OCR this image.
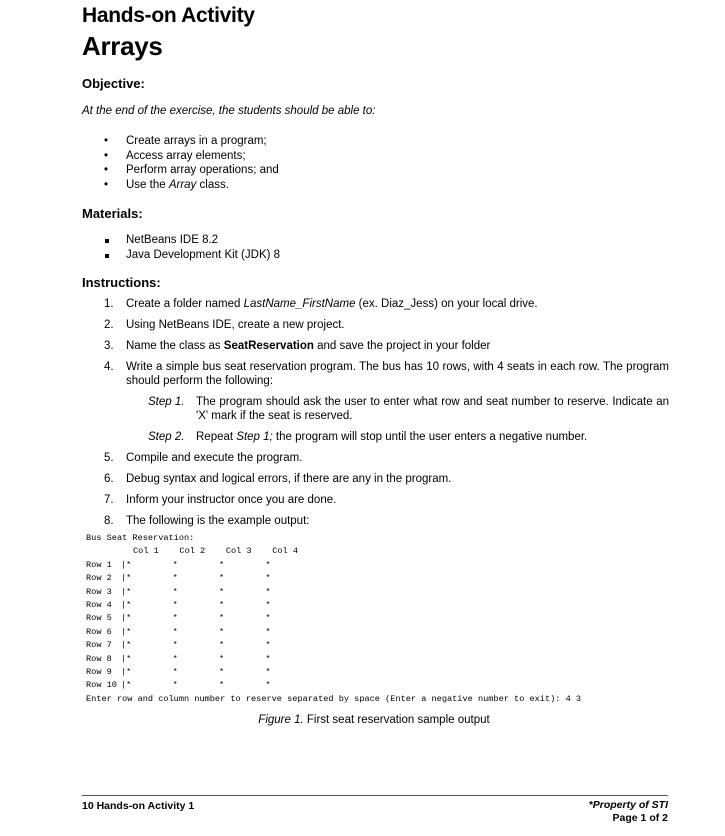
Hands-on Activity
Arrays
Objective:
At the end of the exercise, the students should be able to:
• Create arrays in a program;
• Access array elements;
• Perform array operations; and
• Use the Array class.
Materials:
NetBeans IDE 8.2
Java Development Kit (JDK) 8
Instructions:
1. Create a folder named LastName_FirstName (ex. Diaz_Jess) on your local drive.
2. Using NetBeans IDE, create a new project.
3. Name the class as SeatReservation and save the project in your folder
4. Write a simple bus seat reservation program. The bus has 10 rows, with 4 seats in each row. The program should perform the following:
Step 1. The program should ask the user to enter what row and seat number to reserve. Indicate an 'X' mark if the seat is reserved.
Step 2. Repeat Step 1; the program will stop until the user enters a negative number.
5. Compile and execute the program.
6. Debug syntax and logical errors, if there are any in the program.
7. Inform your instructor once you are done.
8. The following is the example output:
Bus Seat Reservation:
Col 1    Col 2    Col 3    Col 4
Row 1	|*        *        *        *
Row 2	|*        *        *        *
Row 3	|*        *        *        *
Row 4	|*        *        *        *
Row 5	|*        *        *        *
Row 6	|*        *        *        *
Row 7	|*        *        *        *
Row 8	|*        *        *        *
Row 9	|*        *        *        *
Row 10 |*        *        *        *
Enter row and column number to reserve separated by space (Enter a negative number to exit): 4 3
Figure 1. First seat reservation sample output
10 Hands-on Activity 1	*Property of STI
Page 1 of 2
